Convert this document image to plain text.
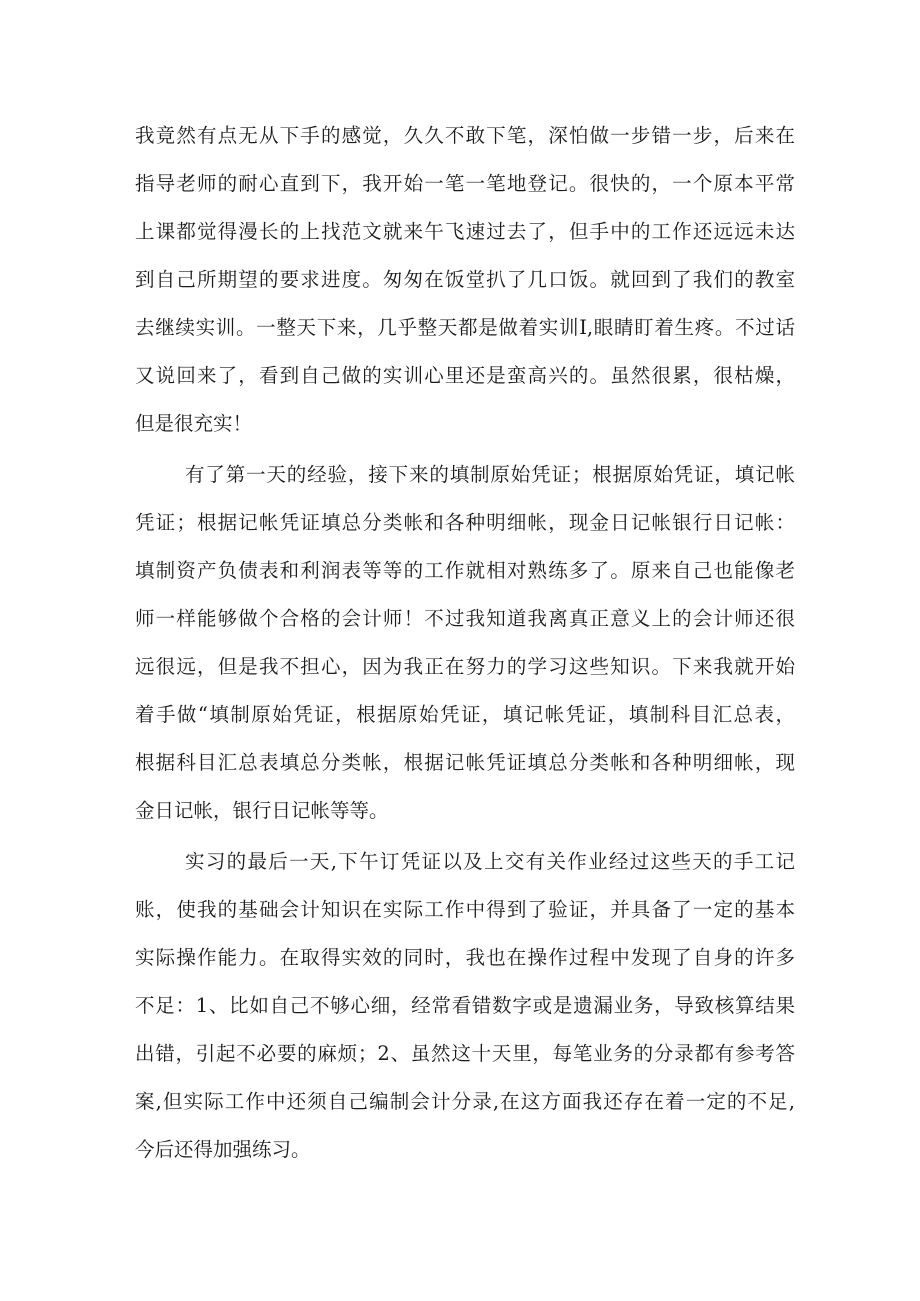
我竟然有点无从下手的感觉，久久不敢下笔，深怕做一步错一步，后来在
指导老师的耐心直到下，我开始一笔一笔地登记。很快的，一个原本平常
上课都觉得漫长的上找范文就来午飞速过去了，但手中的工作还远远未达
到自己所期望的要求进度。匆匆在饭堂扒了几口饭。就回到了我们的教室
去继续实训。一整天下来，几乎整天都是做着实训I,眼睛盯着生疼。不过话
又说回来了，看到自己做的实训心里还是蛮高兴的。虽然很累，很枯燥，
但是很充实！
有了第一天的经验，接下来的填制原始凭证；根据原始凭证，填记帐
凭证；根据记帐凭证填总分类帐和各种明细帐，现金日记帐银行日记帐：
填制资产负债表和利润表等等的工作就相对熟练多了。原来自己也能像老
师一样能够做个合格的会计师！不过我知道我离真正意义上的会计师还很
远很远，但是我不担心，因为我正在努力的学习这些知识。下来我就开始
着手做“填制原始凭证，根据原始凭证，填记帐凭证，填制科目汇总表，
根据科目汇总表填总分类帐，根据记帐凭证填总分类帐和各种明细帐，现
金日记帐，银行日记帐等等。
实习的最后一天,下午订凭证以及上交有关作业经过这些天的手工记
账，使我的基础会计知识在实际工作中得到了验证，并具备了一定的基本
实际操作能力。在取得实效的同时，我也在操作过程中发现了自身的许多
不足：1、比如自己不够心细，经常看错数字或是遗漏业务，导致核算结果
出错，引起不必要的麻烦；2、虽然这十天里，每笔业务的分录都有参考答
案,但实际工作中还须自己编制会计分录,在这方面我还存在着一定的不足,
今后还得加强练习。
